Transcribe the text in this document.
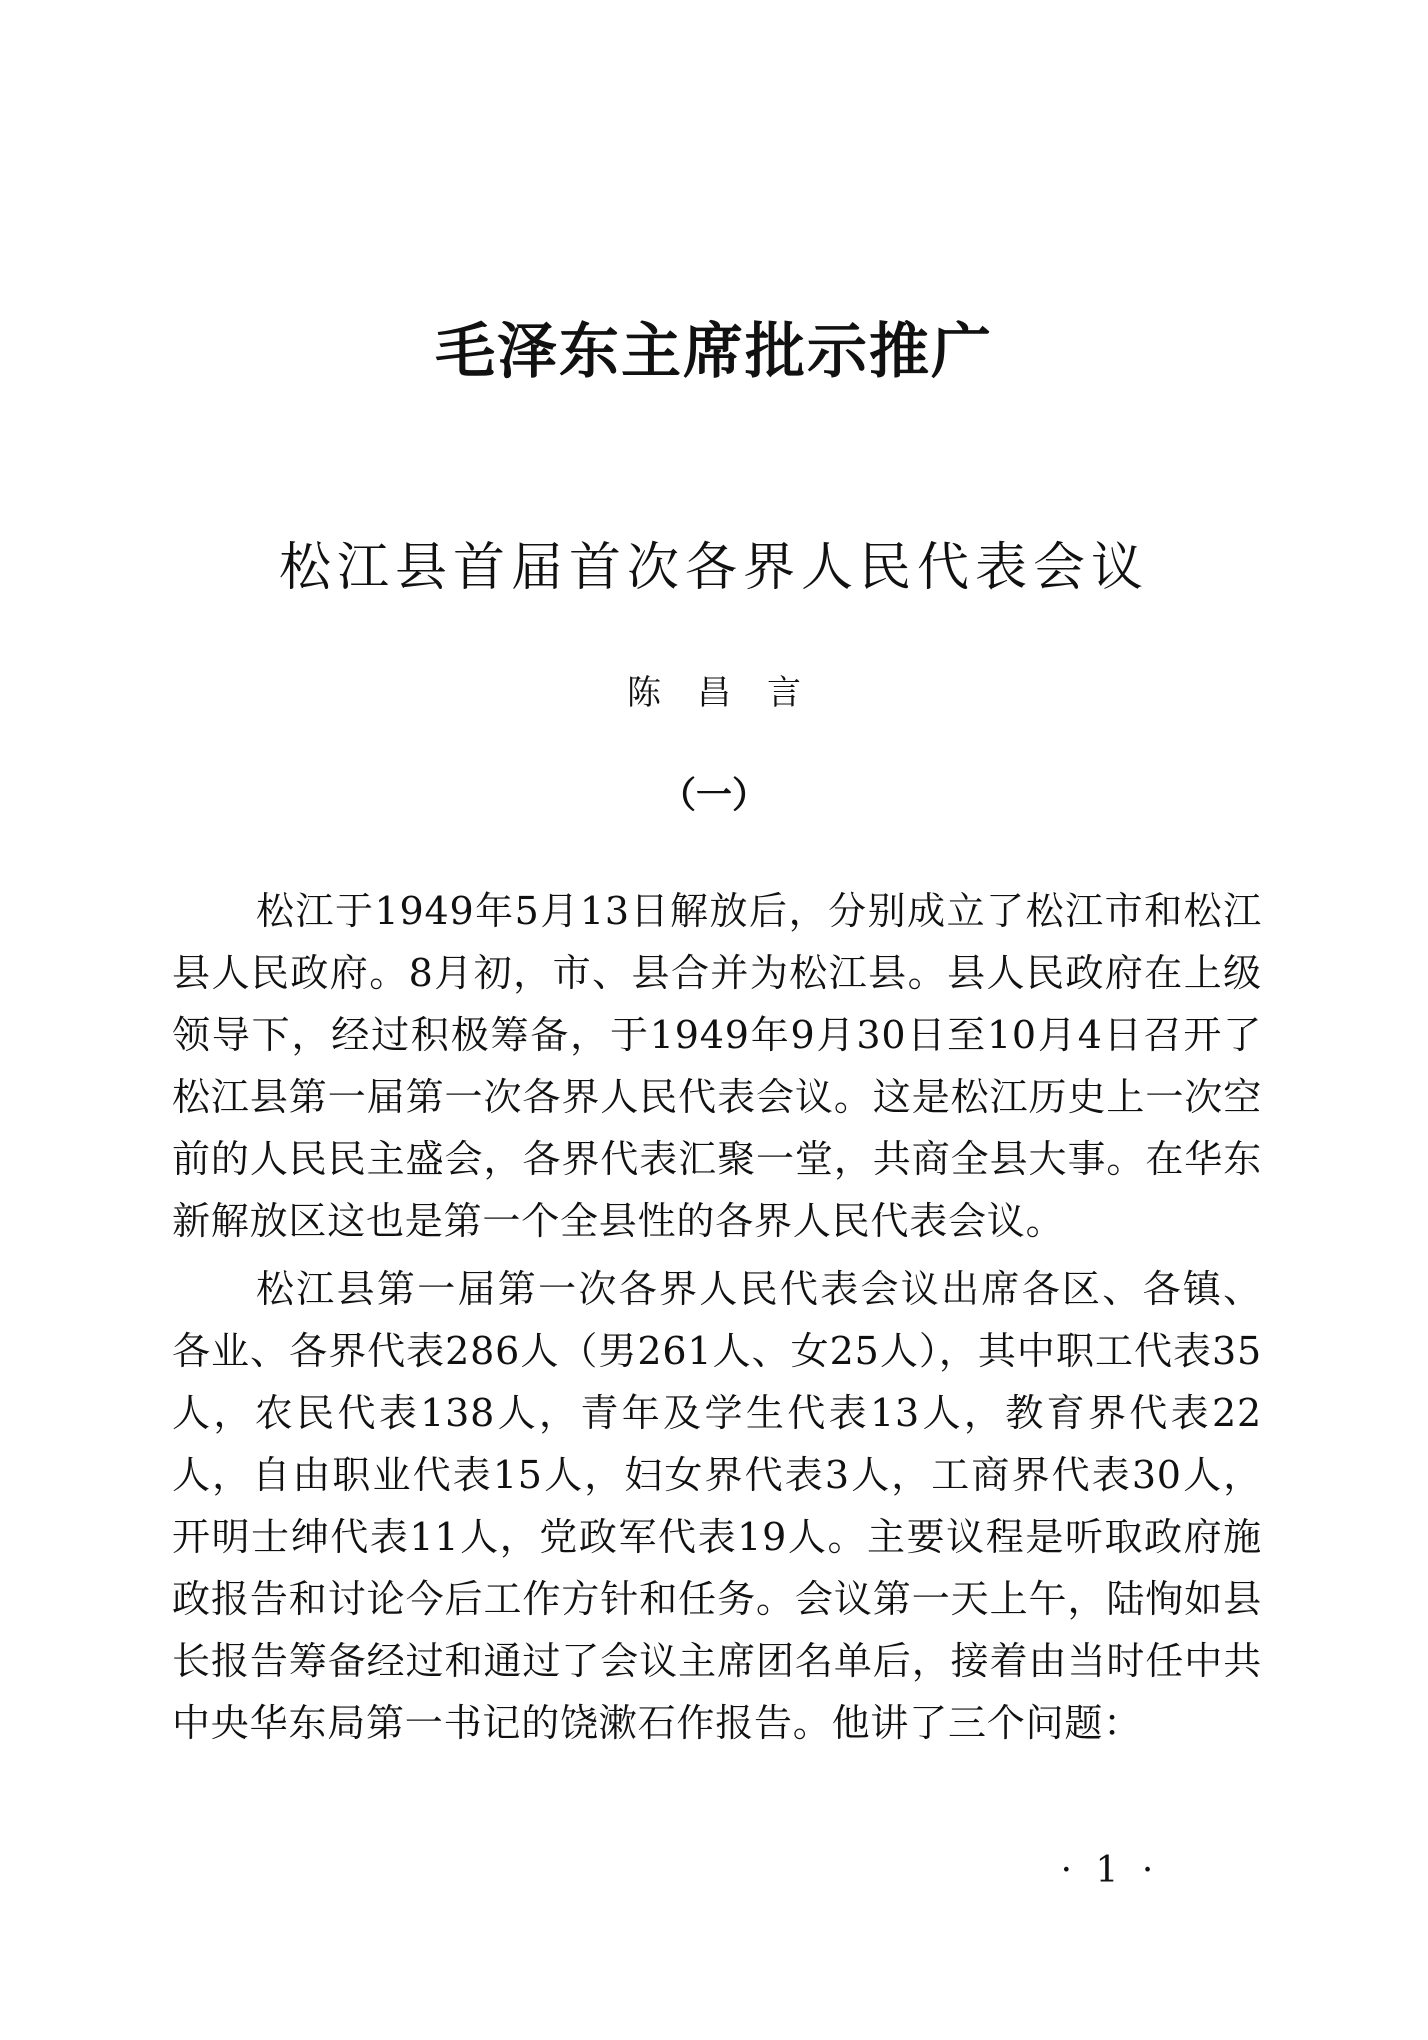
毛泽东主席批示推广
松江县首届首次各界人民代表会议
陈昌言
（一）

松江于1949年5月13日解放后，分别成立了松江市和松江县人民政府。8月初，市、县合并为松江县。县人民政府在上级领导下，经过积极筹备，于1949年9月30日至10月4日召开了松江县第一届第一次各界人民代表会议。这是松江历史上一次空前的人民民主盛会，各界代表汇聚一堂，共商全县大事。在华东新解放区这也是第一个全县性的各界人民代表会议。

松江县第一届第一次各界人民代表会议出席各区、各镇、各业、各界代表286人（男261人、女25人），其中职工代表35人，农民代表138人，青年及学生代表13人，教育界代表22人，自由职业代表15人，妇女界代表3人，工商界代表30人，开明士绅代表11人，党政军代表19人。主要议程是听取政府施政报告和讨论今后工作方针和任务。会议第一天上午，陆恂如县长报告筹备经过和通过了会议主席团名单后，接着由当时任中共中央华东局第一书记的饶漱石作报告。他讲了三个问题：

· 1 ·
